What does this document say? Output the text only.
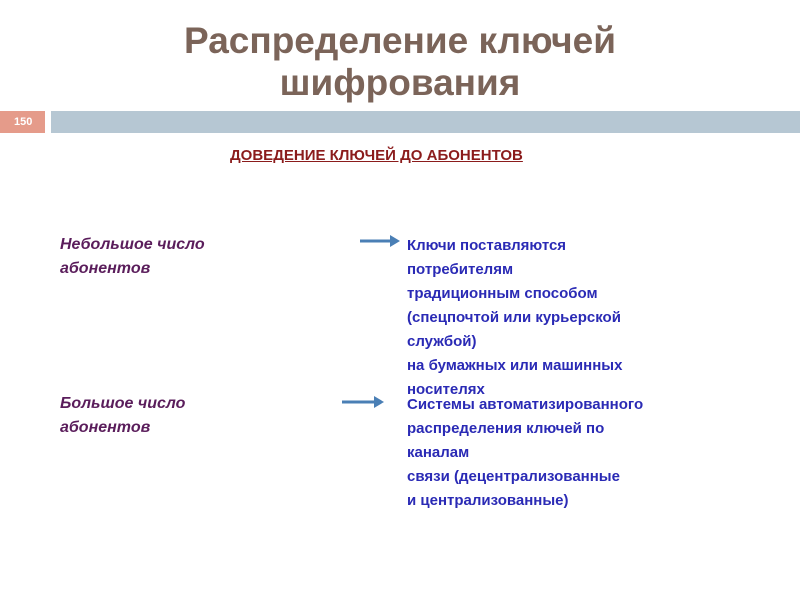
Распределение ключей
шифрования
150
ДОВЕДЕНИЕ КЛЮЧЕЙ ДО АБОНЕНТОВ
Небольшое число
абонентов
Ключи поставляются
потребителям
традиционным способом
(спецпочтой или курьерской
службой)
на бумажных или машинных
носителях
Большое число
абонентов
Системы автоматизированного
распределения ключей по
каналам
связи (децентрализованные
и централизованные)
